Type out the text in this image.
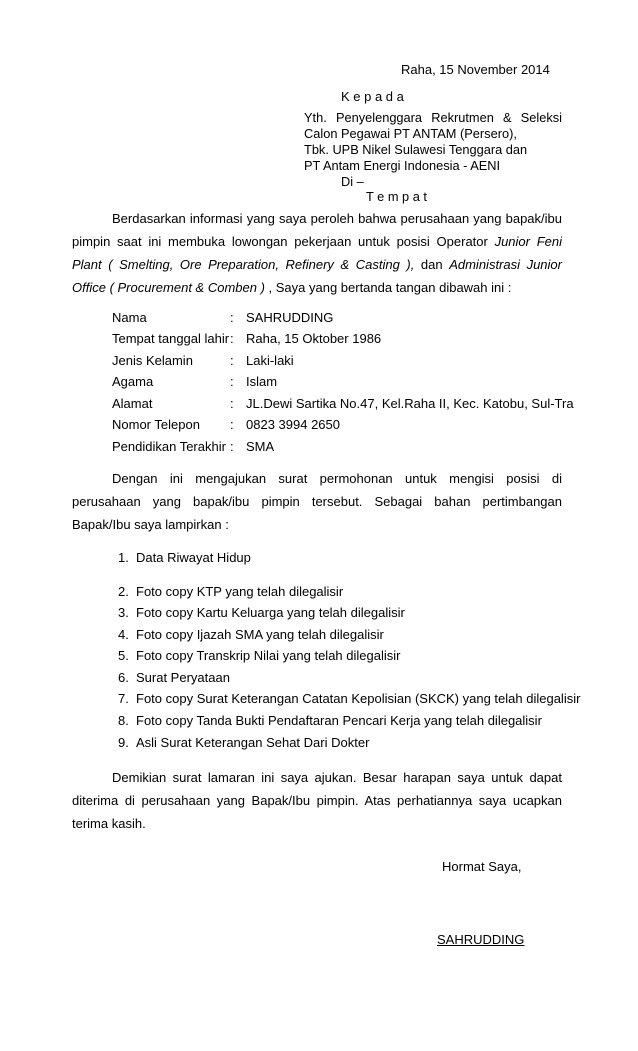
Raha, 15 November 2014
K e p a d a
Yth. Penyelenggara Rekrutmen & Seleksi
Calon Pegawai PT ANTAM (Persero),
Tbk. UPB Nikel Sulawesi Tenggara dan
PT Antam Energi Indonesia - AENI
Di –
T e m p a t
Berdasarkan informasi yang saya peroleh bahwa perusahaan yang bapak/ibu pimpin saat ini membuka lowongan pekerjaan untuk posisi Operator Junior Feni Plant ( Smelting, Ore Preparation, Refinery & Casting ), dan Administrasi Junior Office ( Procurement & Comben ) , Saya yang bertanda tangan dibawah ini :
Nama	: SAHRUDDING
Tempat tanggal lahir : Raha, 15 Oktober 1986
Jenis Kelamin	: Laki-laki
Agama	: Islam
Alamat	: JL.Dewi Sartika No.47, Kel.Raha II, Kec. Katobu, Sul-Tra
Nomor Telepon : 0823 3994 2650
Pendidikan Terakhir : SMA
Dengan ini mengajukan surat permohonan untuk mengisi posisi di perusahaan yang bapak/ibu pimpin tersebut. Sebagai bahan pertimbangan Bapak/Ibu saya lampirkan :
1. Data Riwayat Hidup
2. Foto copy KTP yang telah dilegalisir
3. Foto copy Kartu Keluarga yang telah dilegalisir
4. Foto copy Ijazah SMA yang telah dilegalisir
5. Foto copy Transkrip Nilai yang telah dilegalisir
6. Surat Peryataan
7. Foto copy Surat Keterangan Catatan Kepolisian (SKCK) yang telah dilegalisir
8. Foto copy Tanda Bukti Pendaftaran Pencari Kerja yang telah dilegalisir
9. Asli Surat Keterangan Sehat Dari Dokter
Demikian surat lamaran ini saya ajukan. Besar harapan saya untuk dapat diterima di perusahaan yang Bapak/Ibu pimpin. Atas perhatiannya saya ucapkan terima kasih.
Hormat Saya,
SAHRUDDING
